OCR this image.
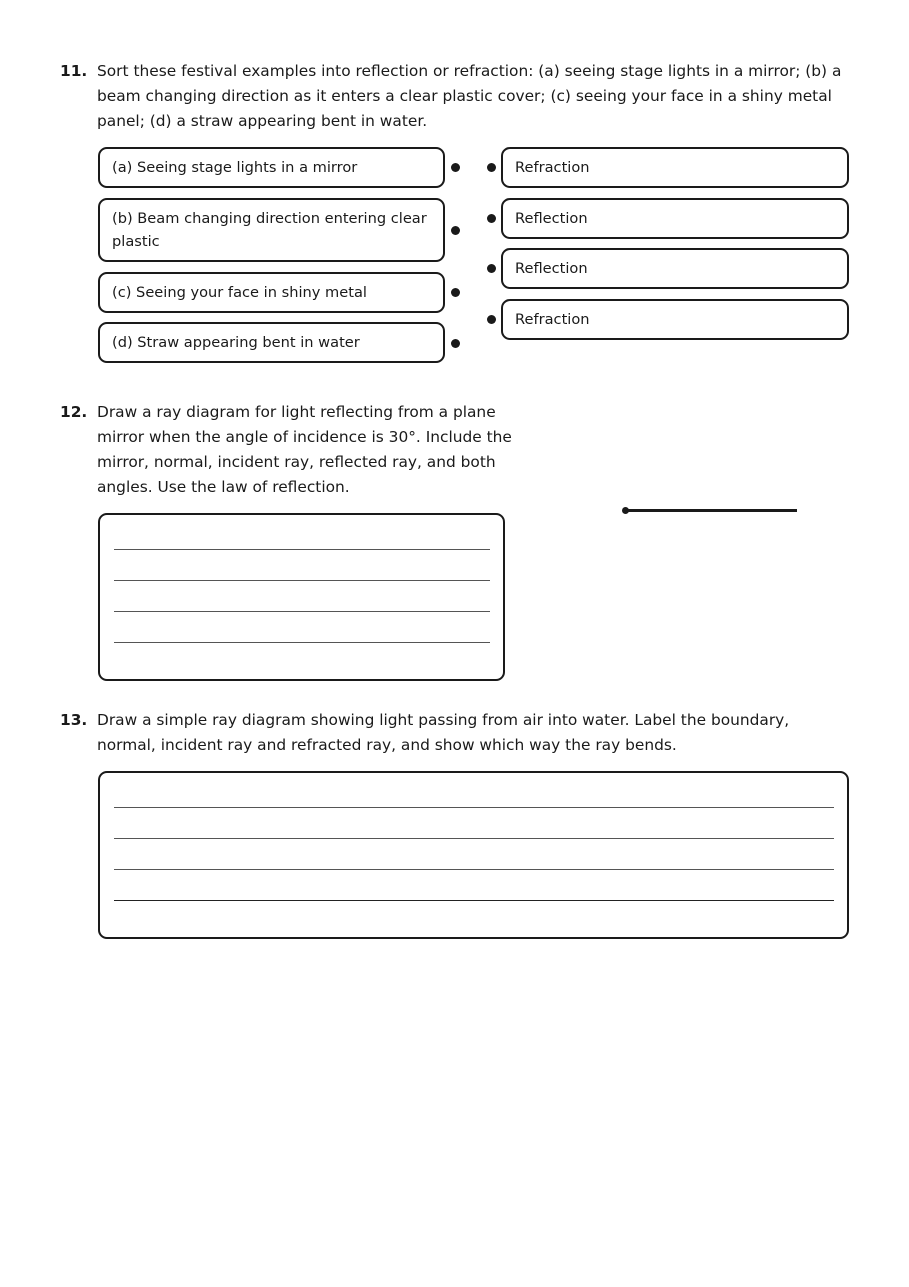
11. Sort these festival examples into reflection or refraction: (a) seeing stage lights in a mirror; (b) a
beam changing direction as it enters a clear plastic cover; (c) seeing your face in a shiny metal
panel; (d) a straw appearing bent in water.
(a) Seeing stage lights in a mirror
(b) Beam changing direction entering clear
plastic
(c) Seeing your face in shiny metal
(d) Straw appearing bent in water
Refraction
Reflection
Reflection
Refraction
12. Draw a ray diagram for light reflecting from a plane
mirror when the angle of incidence is 30°. Include the
mirror, normal, incident ray, reflected ray, and both
angles. Use the law of reflection.
13. Draw a simple ray diagram showing light passing from air into water. Label the boundary,
normal, incident ray and refracted ray, and show which way the ray bends.
